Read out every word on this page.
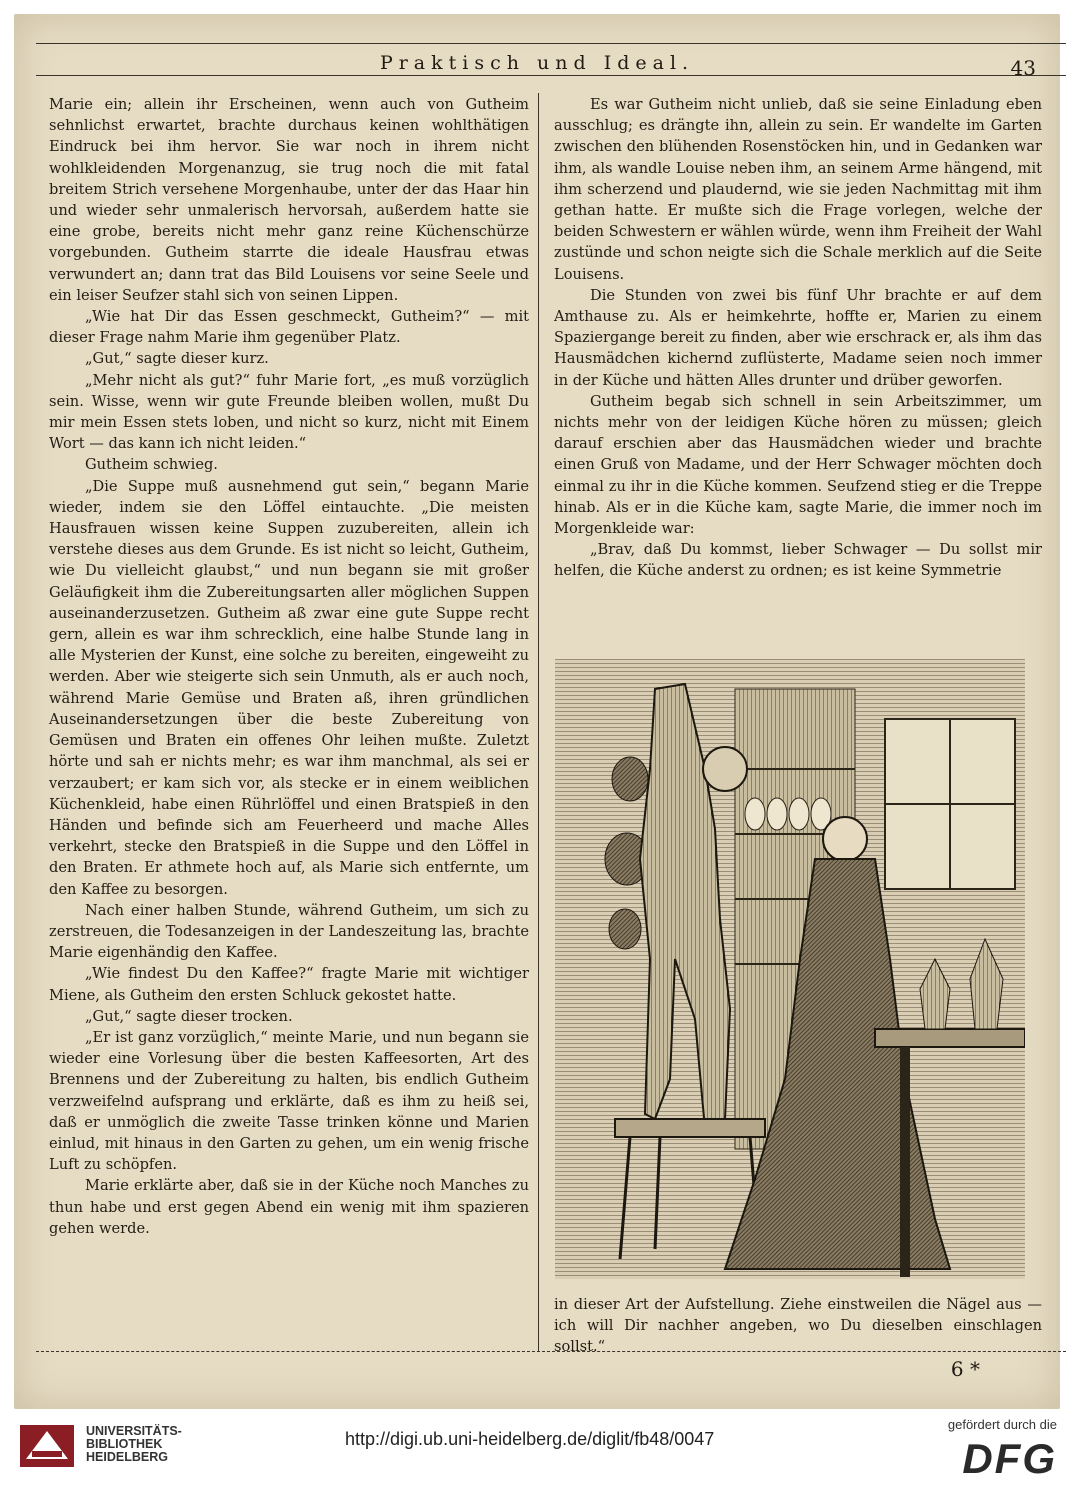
Praktisch und Ideal.	43

Marie ein; allein ihr Erscheinen, wenn auch von Gutheim sehnlichst erwartet, brachte durchaus keinen wohlthätigen Eindruck bei ihm hervor. Sie war noch in ihrem nicht wohlkleidenden Morgenanzug, sie trug noch die mit fatal breitem Strich versehene Morgenhaube, unter der das Haar hin und wieder sehr unmalerisch hervorsah, außerdem hatte sie eine grobe, bereits nicht mehr ganz reine Küchenschürze vorgebunden. Gutheim starrte die ideale Hausfrau etwas verwundert an; dann trat das Bild Louisens vor seine Seele und ein leiser Seufzer stahl sich von seinen Lippen.

„Wie hat Dir das Essen geschmeckt, Gutheim?“ — mit dieser Frage nahm Marie ihm gegenüber Platz.

„Gut,“ sagte dieser kurz.

„Mehr nicht als gut?“ fuhr Marie fort, „es muß vorzüglich sein. Wisse, wenn wir gute Freunde bleiben wollen, mußt Du mir mein Essen stets loben, und nicht so kurz, nicht mit Einem Wort — das kann ich nicht leiden.“

Gutheim schwieg.

„Die Suppe muß ausnehmend gut sein,“ begann Marie wieder, indem sie den Löffel eintauchte. „Die meisten Hausfrauen wissen keine Suppen zuzubereiten, allein ich verstehe dieses aus dem Grunde. Es ist nicht so leicht, Gutheim, wie Du vielleicht glaubst,“ und nun begann sie mit großer Geläufigkeit ihm die Zubereitungsarten aller möglichen Suppen auseinanderzusetzen. Gutheim aß zwar eine gute Suppe recht gern, allein es war ihm schrecklich, eine halbe Stunde lang in alle Mysterien der Kunst, eine solche zu bereiten, eingeweiht zu werden. Aber wie steigerte sich sein Unmuth, als er auch noch, während Marie Gemüse und Braten aß, ihren gründlichen Auseinandersetzungen über die beste Zubereitung von Gemüsen und Braten ein offenes Ohr leihen mußte. Zuletzt hörte und sah er nichts mehr; es war ihm manchmal, als sei er verzaubert; er kam sich vor, als stecke er in einem weiblichen Küchenkleid, habe einen Rührlöffel und einen Bratspieß in den Händen und befinde sich am Feuerheerd und mache Alles verkehrt, stecke den Bratspieß in die Suppe und den Löffel in den Braten. Er athmete hoch auf, als Marie sich entfernte, um den Kaffee zu besorgen.

Nach einer halben Stunde, während Gutheim, um sich zu zerstreuen, die Todesanzeigen in der Landeszeitung las, brachte Marie eigenhändig den Kaffee.

„Wie findest Du den Kaffee?“ fragte Marie mit wichtiger Miene, als Gutheim den ersten Schluck gekostet hatte.

„Gut,“ sagte dieser trocken.

„Er ist ganz vorzüglich,“ meinte Marie, und nun begann sie wieder eine Vorlesung über die besten Kaffeesorten, Art des Brennens und der Zubereitung zu halten, bis endlich Gutheim verzweifelnd aufsprang und erklärte, daß es ihm zu heiß sei, daß er unmöglich die zweite Tasse trinken könne und Marien einlud, mit hinaus in den Garten zu gehen, um ein wenig frische Luft zu schöpfen.

Marie erklärte aber, daß sie in der Küche noch Manches zu thun habe und erst gegen Abend ein wenig mit ihm spazieren gehen werde.

Es war Gutheim nicht unlieb, daß sie seine Einladung eben ausschlug; es drängte ihn, allein zu sein. Er wandelte im Garten zwischen den blühenden Rosenstöcken hin, und in Gedanken war ihm, als wandle Louise neben ihm, an seinem Arme hängend, mit ihm scherzend und plaudernd, wie sie jeden Nachmittag mit ihm gethan hatte. Er mußte sich die Frage vorlegen, welche der beiden Schwestern er wählen würde, wenn ihm Freiheit der Wahl zustünde und schon neigte sich die Schale merklich auf die Seite Louisens.

Die Stunden von zwei bis fünf Uhr brachte er auf dem Amthause zu. Als er heimkehrte, hoffte er, Marien zu einem Spaziergange bereit zu finden, aber wie erschrack er, als ihm das Hausmädchen kichernd zuflüsterte, Madame seien noch immer in der Küche und hätten Alles drunter und drüber geworfen.

Gutheim begab sich schnell in sein Arbeitszimmer, um nichts mehr von der leidigen Küche hören zu müssen; gleich darauf erschien aber das Hausmädchen wieder und brachte einen Gruß von Madame, und der Herr Schwager möchten doch einmal zu ihr in die Küche kommen. Seufzend stieg er die Treppe hinab. Als er in die Küche kam, sagte Marie, die immer noch im Morgenkleide war:

„Brav, daß Du kommst, lieber Schwager — Du sollst mir helfen, die Küche anderst zu ordnen; es ist keine Symmetrie

in dieser Art der Aufstellung. Ziehe einstweilen die Nägel aus — ich will Dir nachher angeben, wo Du dieselben einschlagen sollst.“

6 *
UNIVERSITÄTS-
BIBLIOTHEK
HEIDELBERG
http://digi.ub.uni-heidelberg.de/diglit/fb48/0047
gefördert durch die
DFG
